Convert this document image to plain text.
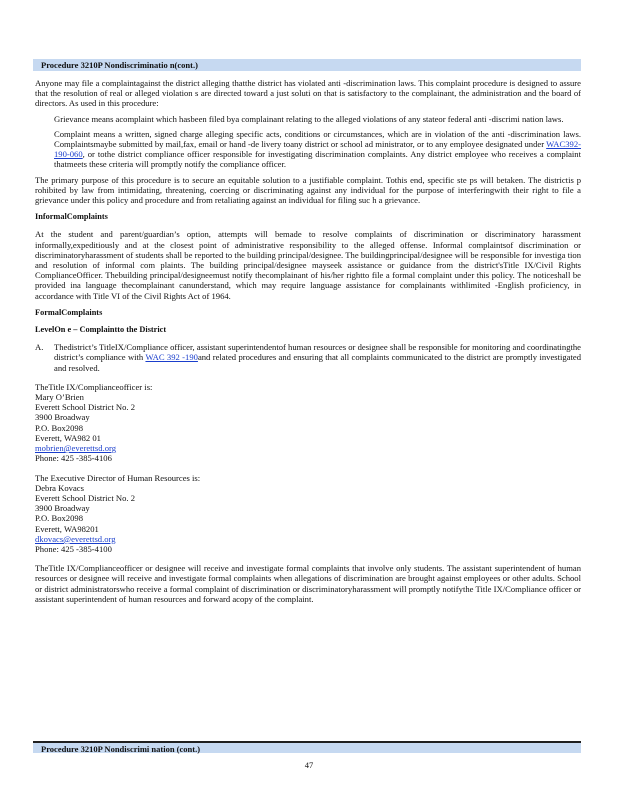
Procedure 3210P Nondiscriminatio n(cont.)

Anyone may file a complaintagainst the district alleging thatthe district has violated anti -discrimination laws. This complaint procedure is designed to assure that the resolution of real or alleged violation s are directed toward a just soluti on that is satisfactory to the complainant, the administration and the board of directors. As used in this procedure:

Grievance means acomplaint which hasbeen filed bya complainant relating to the alleged violations of any stateor federal anti -discrimi nation laws.
Complaint means a written, signed charge alleging specific acts, conditions or circumstances, which are in violation of the anti -discrimination laws. Complaintsmaybe submitted by mail,fax, email or hand -de livery toany district or school ad ministrator, or to any employee designated under WAC392-190-060, or tothe district compliance officer responsible for investigating discrimination complaints. Any district employee who receives a complaint thatmeets these criteria will promptly notify the compliance officer.

The primary purpose of this procedure is to secure an equitable solution to a justifiable complaint. Tothis end, specific ste ps will betaken. The districtis p rohibited by law from intimidating, threatening, coercing or discriminating against any individual for the purpose of interferingwith their right to file a grievance under this policy and procedure and from retaliating against an individual for filing suc h a grievance.

InformalComplaints

At the student and parent/guardian’s option, attempts will bemade to resolve complaints of discrimination or discriminatory harassment informally,expeditiously and at the closest point of administrative responsibility to the alleged offense. Informal complaintsof discrimination or discriminatoryharassment of students shall be reported to the building principal/designee. The buildingprincipal/designee will be responsible for investiga tion and resolution of informal com plaints. The building principal/designee mayseek assistance or guidance from the district'sTitle IX/Civil Rights ComplianceOfficer. Thebuilding principal/designeemust notify thecomplainant of his/her rightto file a formal complaint under this policy. The noticeshall be provided ina language thecomplainant canunderstand, which may require language assistance for complainants withlimited -English proficiency, in accordance with Title VI of the Civil Rights Act of 1964.

FormalComplaints
LevelOn e – Complaintto the District
A.	Thedistrict’s TitleIX/Compliance officer, assistant superintendentof human resources or designee shall be responsible for monitoring and coordinatingthe district’s compliance with WAC 392 -190and related procedures and ensuring that all complaints communicated to the district are promptly investigated and resolved.
TheTitle IX/Complianceofficer is:
Mary O’Brien
Everett School District No. 2
3900 Broadway
P.O. Box2098
Everett, WA982 01
mobrien@everettsd.org
Phone: 425 -385-4106
The Executive Director of Human Resources is:
Debra Kovacs
Everett School District No. 2
3900 Broadway
P.O. Box2098
Everett, WA98201
dkovacs@everettsd.org
Phone: 425 -385-4100

TheTitle IX/Complianceofficer or designee will receive and investigate formal complaints that involve only students. The assistant superintendent of human resources or designee will receive and investigate formal complaints when allegations of discrimination are brought against employees or other adults. School or district administratorswho receive a formal complaint of discrimination or discriminatoryharassment will promptly notifythe Title IX/Compliance officer or assistant superintendent of human resources and forward acopy of the complaint.

Procedure 3210P Nondiscrimi nation (cont.)
47
